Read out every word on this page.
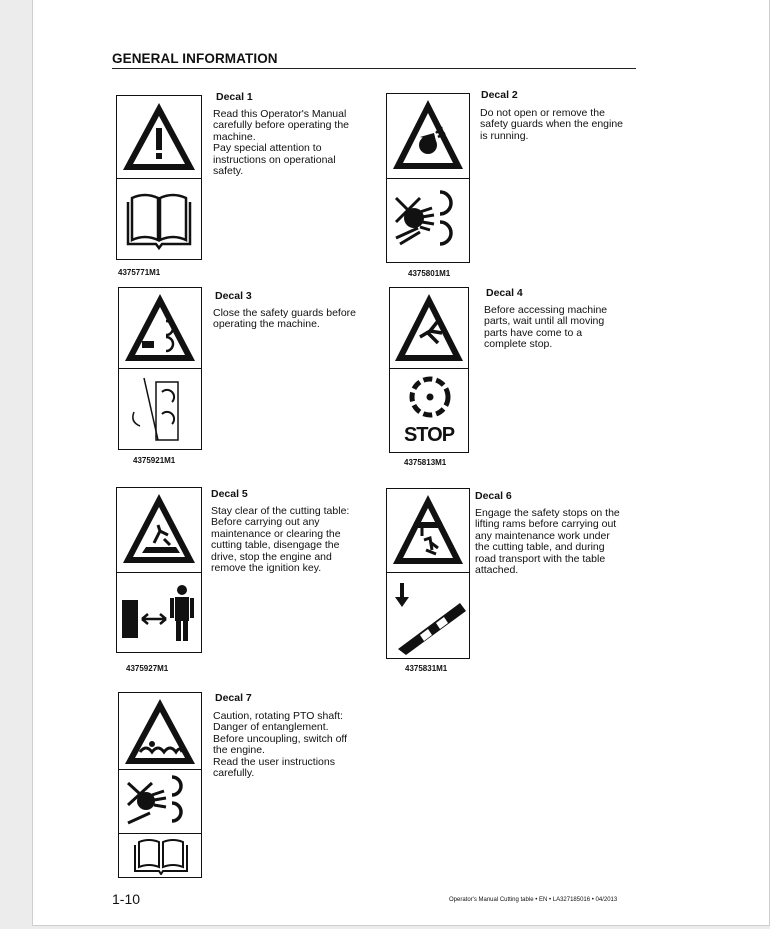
GENERAL INFORMATION
4375771M1
Decal 1
Read this Operator's Manual
carefully before operating the
machine.
Pay special attention to
instructions on operational
safety.
4375801M1
Decal 2
Do not open or remove the
safety guards when the engine
is running.
4375921M1
Decal 3
Close the safety guards before
operating the machine.
STOP
4375813M1
Decal 4
Before accessing machine
parts, wait until all moving
parts have come to a
complete stop.
4375927M1
Decal 5
Stay clear of the cutting table:
Before carrying out any
maintenance or clearing the
cutting table, disengage the
drive, stop the engine and
remove the ignition key.
4375831M1
Decal 6
Engage the safety stops on the
lifting rams before carrying out
any maintenance work under
the cutting table, and during
road transport with the table
attached.
Decal 7
Caution, rotating PTO shaft:
Danger of entanglement.
Before uncoupling, switch off
the engine.
Read the user instructions
carefully.
1-10	Operator's Manual Cutting table • EN • LA327185016 • 04/2013
